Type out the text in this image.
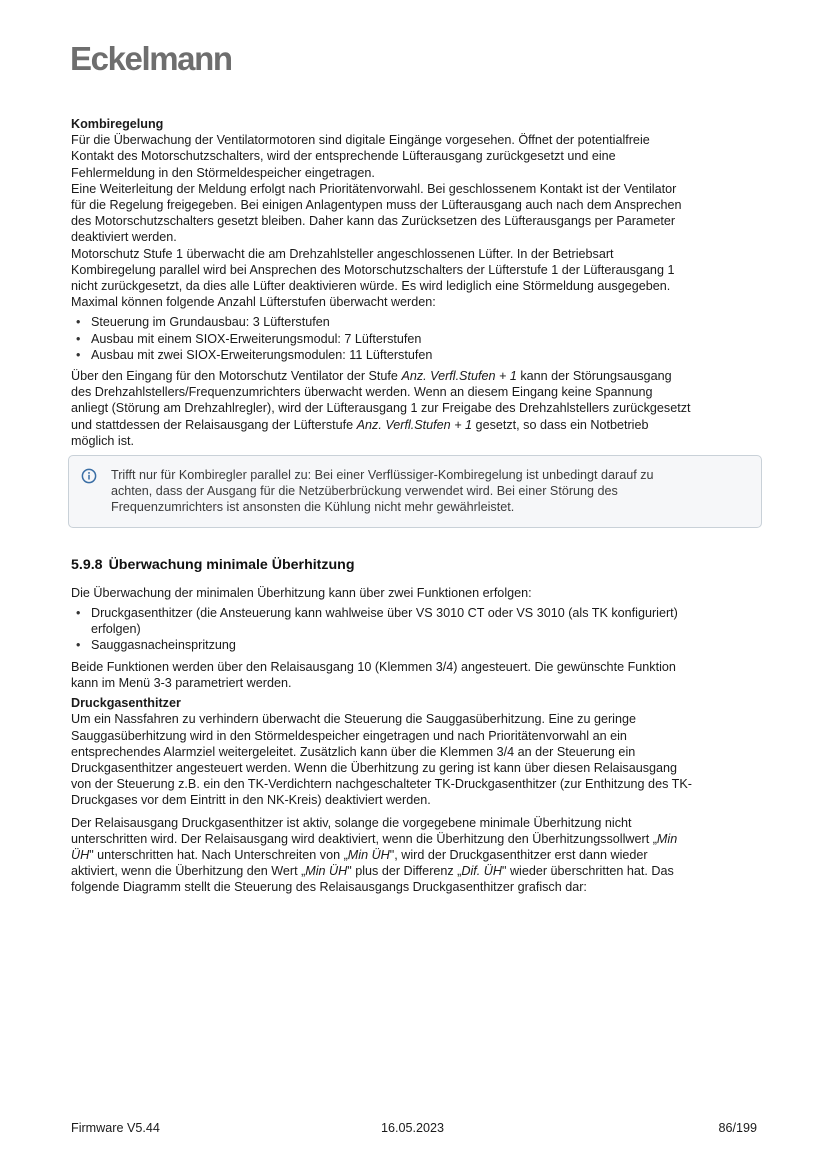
Eckelmann

Kombiregelung

Für die Überwachung der Ventilatormotoren sind digitale Eingänge vorgesehen. Öffnet der potentialfreie
Kontakt des Motorschutzschalters, wird der entsprechende Lüfterausgang zurückgesetzt und eine
Fehlermeldung in den Störmeldespeicher eingetragen.
Eine Weiterleitung der Meldung erfolgt nach Prioritätenvorwahl. Bei geschlossenem Kontakt ist der Ventilator
für die Regelung freigegeben. Bei einigen Anlagentypen muss der Lüfterausgang auch nach dem Ansprechen
des Motorschutzschalters gesetzt bleiben. Daher kann das Zurücksetzen des Lüfterausgangs per Parameter
deaktiviert werden.
Motorschutz Stufe 1 überwacht die am Drehzahlsteller angeschlossenen Lüfter. In der Betriebsart
Kombiregelung parallel wird bei Ansprechen des Motorschutzschalters der Lüfterstufe 1 der Lüfterausgang 1
nicht zurückgesetzt, da dies alle Lüfter deaktivieren würde. Es wird lediglich eine Störmeldung ausgegeben.
Maximal können folgende Anzahl Lüfterstufen überwacht werden:

• Steuerung im Grundausbau: 3 Lüfterstufen
• Ausbau mit einem SIOX-Erweiterungsmodul: 7 Lüfterstufen
• Ausbau mit zwei SIOX-Erweiterungsmodulen: 11 Lüfterstufen

Über den Eingang für den Motorschutz Ventilator der Stufe Anz. Verfl.Stufen + 1 kann der Störungsausgang
des Drehzahlstellers/Frequenzumrichters überwacht werden. Wenn an diesem Eingang keine Spannung
anliegt (Störung am Drehzahlregler), wird der Lüfterausgang 1 zur Freigabe des Drehzahlstellers zurückgesetzt
und stattdessen der Relaisausgang der Lüfterstufe Anz. Verfl.Stufen + 1 gesetzt, so dass ein Notbetrieb
möglich ist.

Trifft nur für Kombiregler parallel zu: Bei einer Verflüssiger-Kombiregelung ist unbedingt darauf zu
achten, dass der Ausgang für die Netzüberbrückung verwendet wird. Bei einer Störung des
Frequenzumrichters ist ansonsten die Kühlung nicht mehr gewährleistet.
5.9.8 Überwachung minimale Überhitzung

Die Überwachung der minimalen Überhitzung kann über zwei Funktionen erfolgen:

• Druckgasenthitzer (die Ansteuerung kann wahlweise über VS 3010 CT oder VS 3010 (als TK konfiguriert)
erfolgen)
• Sauggasnacheinspritzung

Beide Funktionen werden über den Relaisausgang 10 (Klemmen 3/4) angesteuert. Die gewünschte Funktion
kann im Menü 3-3 parametriert werden.

Druckgasenthitzer

Um ein Nassfahren zu verhindern überwacht die Steuerung die Sauggasüberhitzung. Eine zu geringe
Sauggasüberhitzung wird in den Störmeldespeicher eingetragen und nach Prioritätenvorwahl an ein
entsprechendes Alarmziel weitergeleitet. Zusätzlich kann über die Klemmen 3/4 an der Steuerung ein
Druckgasenthitzer angesteuert werden. Wenn die Überhitzung zu gering ist kann über diesen Relaisausgang
von der Steuerung z.B. ein den TK-Verdichtern nachgeschalteter TK-Druckgasenthitzer (zur Enthitzung des TK-
Druckgases vor dem Eintritt in den NK-Kreis) deaktiviert werden.

Der Relaisausgang Druckgasenthitzer ist aktiv, solange die vorgegebene minimale Überhitzung nicht
unterschritten wird. Der Relaisausgang wird deaktiviert, wenn die Überhitzung den Überhitzungssollwert „Min
ÜH" unterschritten hat. Nach Unterschreiten von „Min ÜH", wird der Druckgasenthitzer erst dann wieder
aktiviert, wenn die Überhitzung den Wert „Min ÜH" plus der Differenz „Dif. ÜH" wieder überschritten hat. Das
folgende Diagramm stellt die Steuerung des Relaisausgangs Druckgasenthitzer grafisch dar:

Firmware V5.44	16.05.2023	86/199
